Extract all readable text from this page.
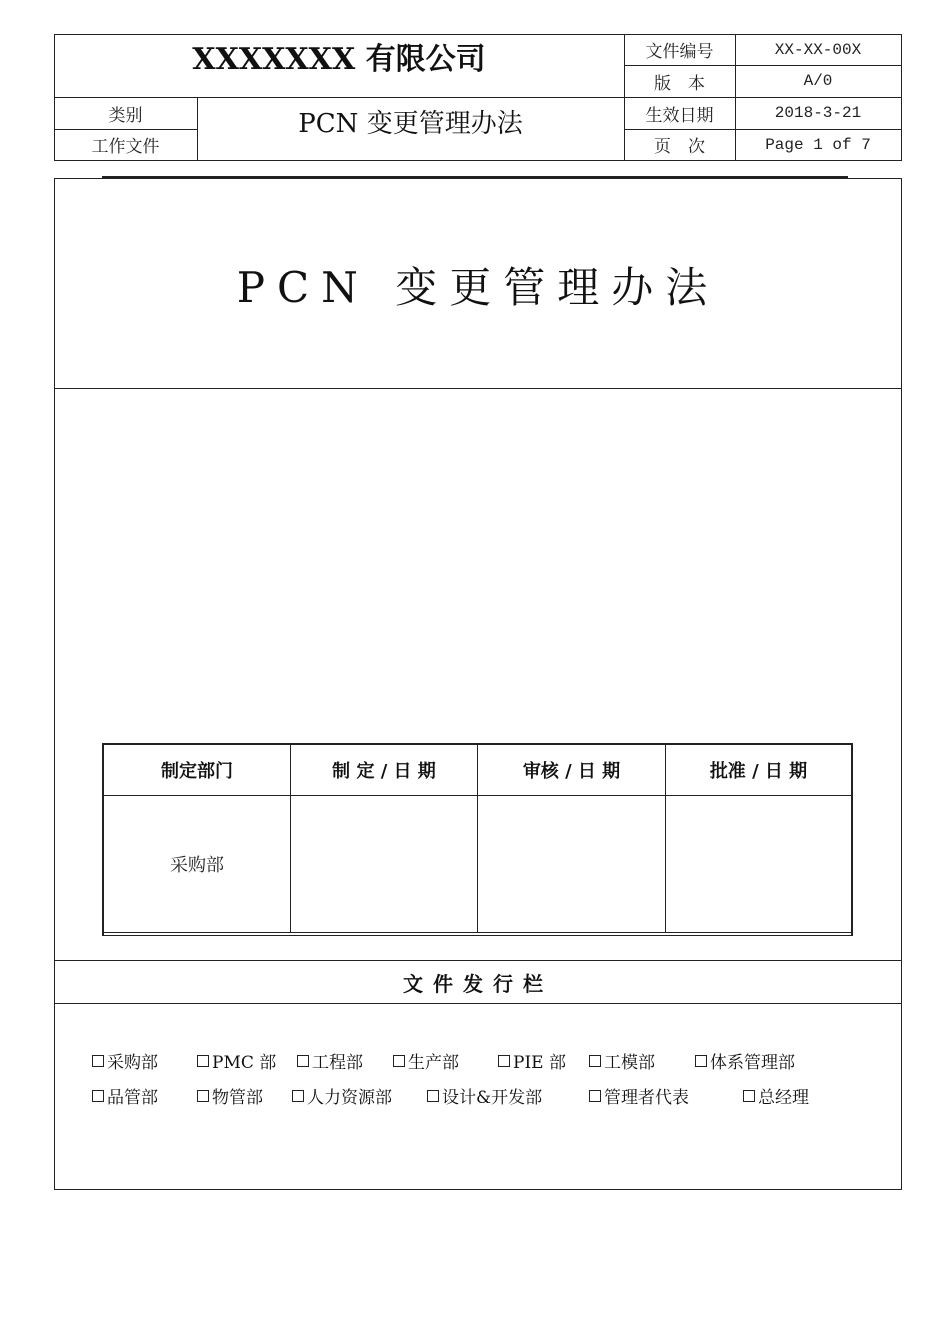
XXXXXXX 有限公司
PCN 变更管理办法
类别
工作文件
文件编号	XX-XX-00X
版　本	A/0
生效日期	2018-3-21
页　次	Page 1 of 7
PCN 变更管理办法
制定部门	制 定 / 日 期	审核 / 日 期	批准 / 日 期
采购部
文件发行栏
采购部	PMC 部 工程部	生产部	PIE 部 工模部	体系管理部
品管部	物管部	人力资源部	设计&开发部	管理者代表	总经理
